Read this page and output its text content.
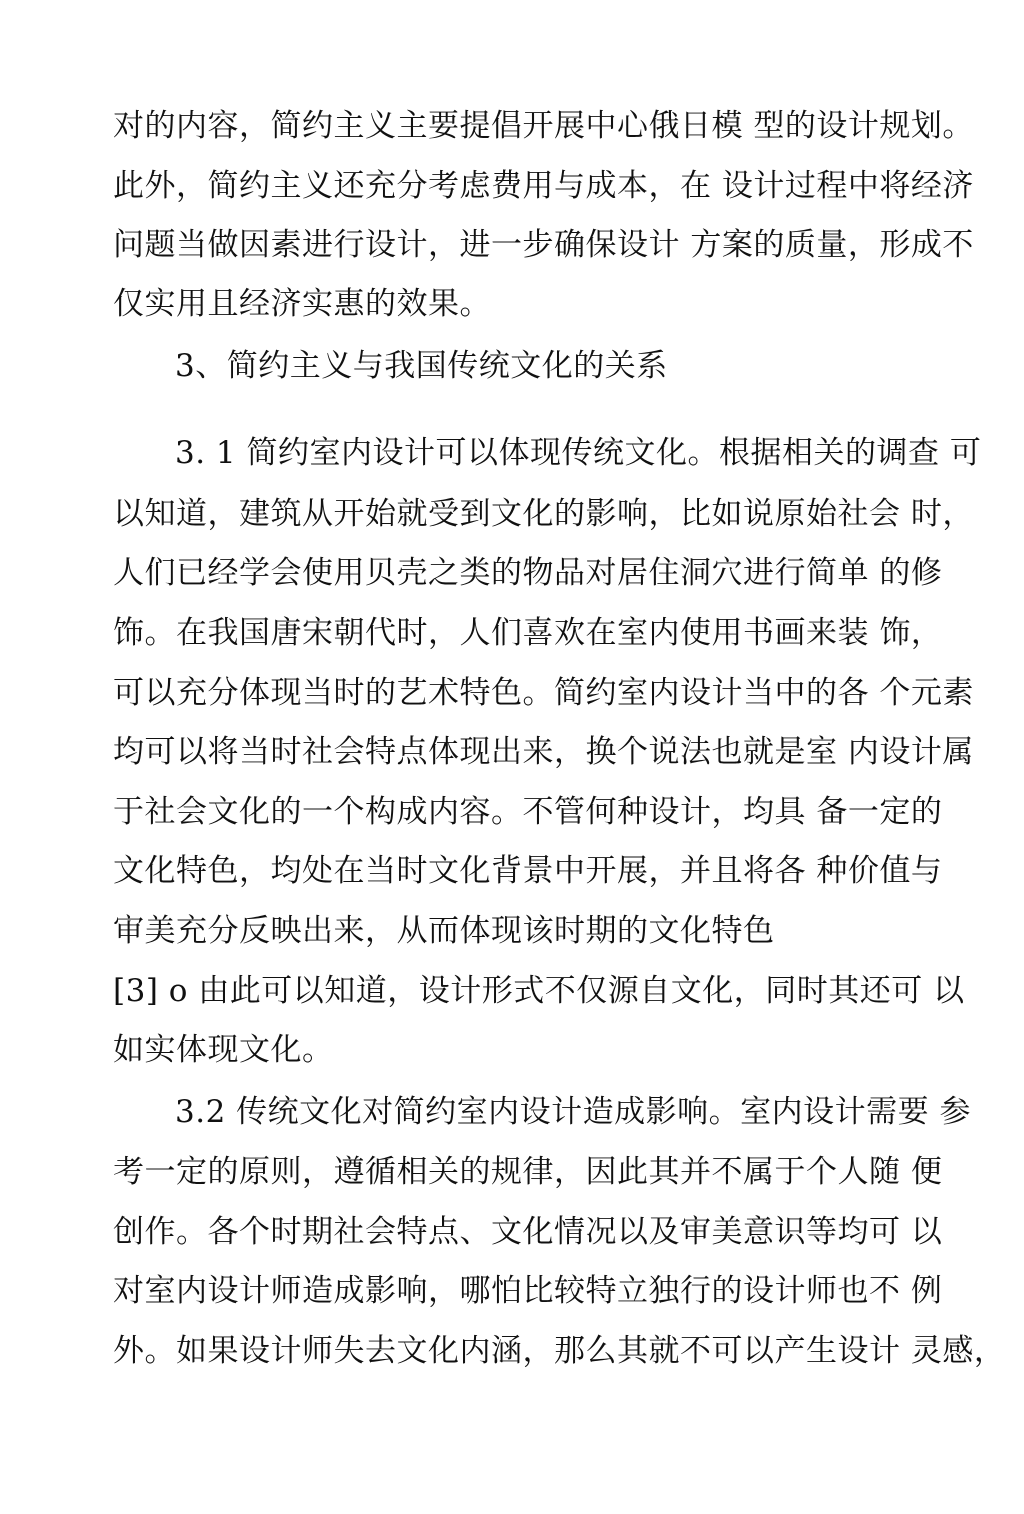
对的内容，简约主义主要提倡开展中心俄日模 型的设计规划。
此外，简约主义还充分考虑费用与成本，在 设计过程中将经济
问题当做因素进行设计，进一步确保设计 方案的质量，形成不
仅实用且经济实惠的效果。
3、简约主义与我国传统文化的关系
3. 1 简约室内设计可以体现传统文化。根据相关的调查 可
以知道，建筑从开始就受到文化的影响，比如说原始社会 时，
人们已经学会使用贝壳之类的物品对居住洞穴进行简单 的修
饰。在我国唐宋朝代时，人们喜欢在室内使用书画来装 饰，
可以充分体现当时的艺术特色。简约室内设计当中的各 个元素
均可以将当时社会特点体现出来，换个说法也就是室 内设计属
于社会文化的一个构成内容。不管何种设计，均具 备一定的
文化特色，均处在当时文化背景中开展，并且将各 种价值与
审美充分反映出来，从而体现该时期的文化特色
[3] o 由此可以知道，设计形式不仅源自文化，同时其还可 以
如实体现文化。
3.2 传统文化对简约室内设计造成影响。室内设计需要 参
考一定的原则，遵循相关的规律，因此其并不属于个人随 便
创作。各个时期社会特点、文化情况以及审美意识等均可 以
对室内设计师造成影响，哪怕比较特立独行的设计师也不 例
外。如果设计师失去文化内涵，那么其就不可以产生设计 灵感，
